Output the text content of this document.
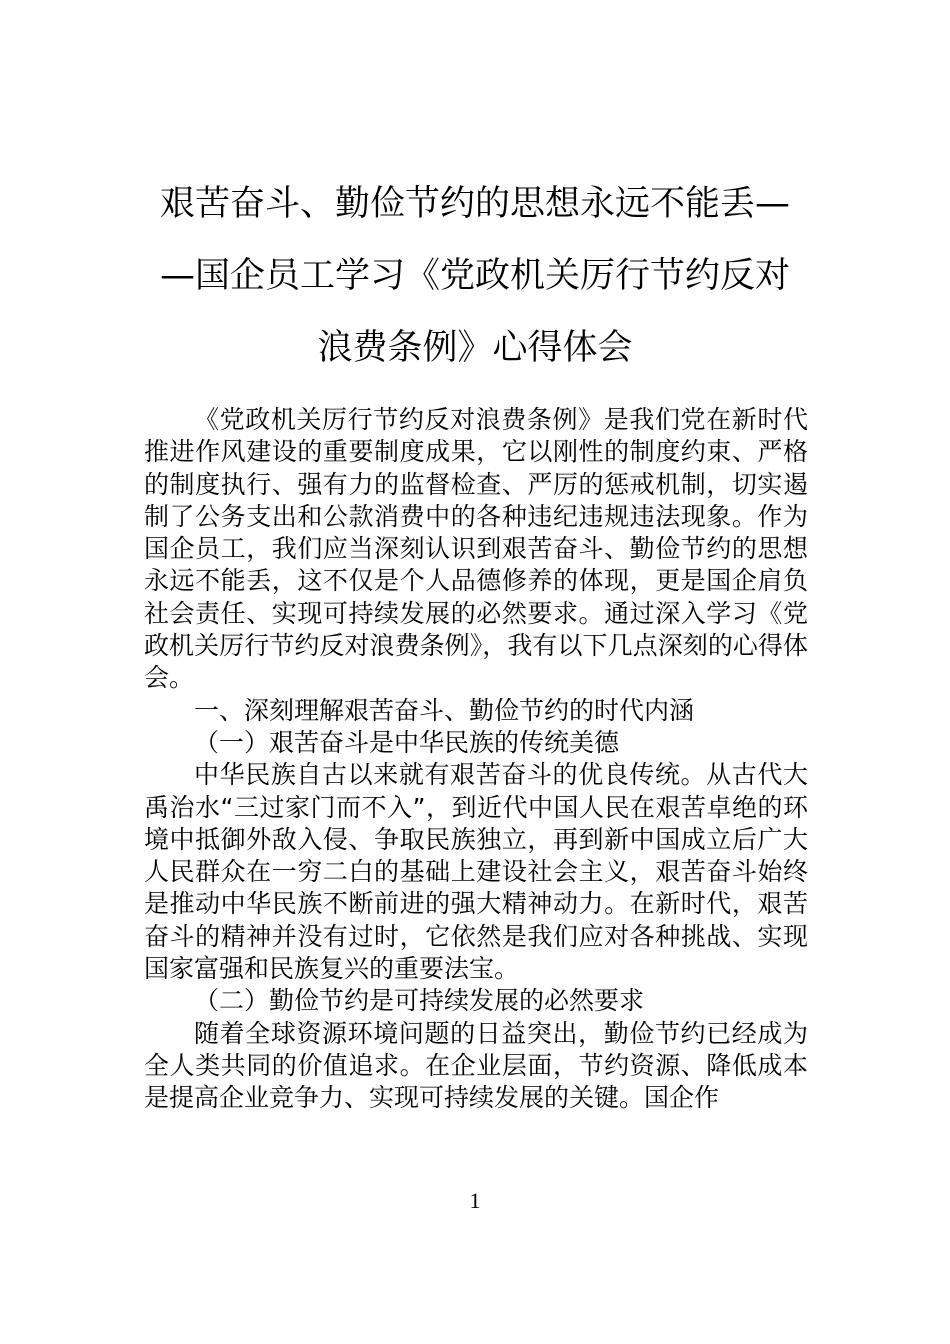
艰苦奋斗、勤俭节约的思想永远不能丢—
—国企员工学习《党政机关厉行节约反对
浪费条例》心得体会

《党政机关厉行节约反对浪费条例》是我们党在新时代推进作风建设的重要制度成果，它以刚性的制度约束、严格的制度执行、强有力的监督检查、严厉的惩戒机制，切实遏制了公务支出和公款消费中的各种违纪违规违法现象。作为国企员工，我们应当深刻认识到艰苦奋斗、勤俭节约的思想永远不能丢，这不仅是个人品德修养的体现，更是国企肩负社会责任、实现可持续发展的必然要求。通过深入学习《党政机关厉行节约反对浪费条例》，我有以下几点深刻的心得体会。

一、深刻理解艰苦奋斗、勤俭节约的时代内涵

（一）艰苦奋斗是中华民族的传统美德

中华民族自古以来就有艰苦奋斗的优良传统。从古代大禹治水“三过家门而不入”，到近代中国人民在艰苦卓绝的环境中抵御外敌入侵、争取民族独立，再到新中国成立后广大人民群众在一穷二白的基础上建设社会主义，艰苦奋斗始终是推动中华民族不断前进的强大精神动力。在新时代，艰苦奋斗的精神并没有过时，它依然是我们应对各种挑战、实现国家富强和民族复兴的重要法宝。

（二）勤俭节约是可持续发展的必然要求

随着全球资源环境问题的日益突出，勤俭节约已经成为全人类共同的价值追求。在企业层面，节约资源、降低成本是提高企业竞争力、实现可持续发展的关键。国企作

1
